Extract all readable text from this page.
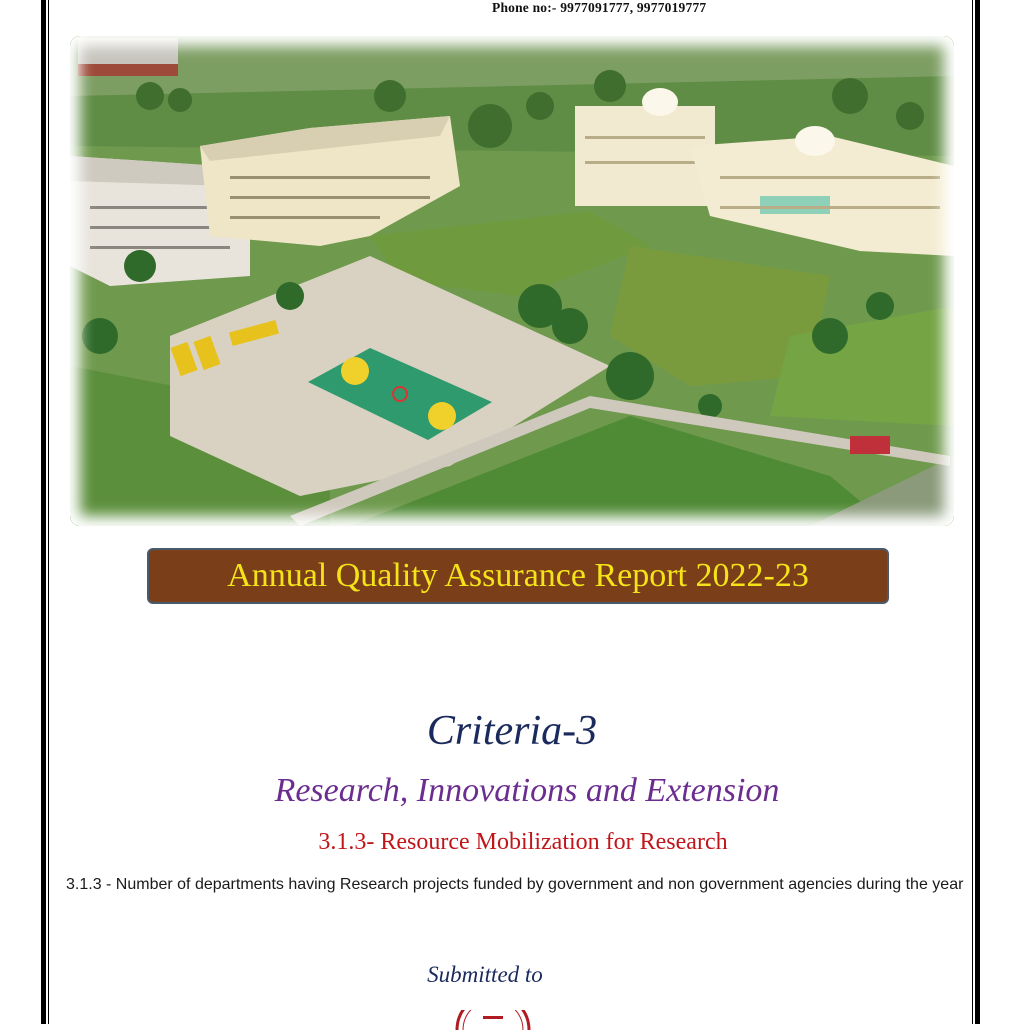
Phone no:- 9977091777, 9977019777
Annual Quality Assurance Report 2022-23
Criteria-3
Research, Innovations and Extension
3.1.3- Resource Mobilization for Research
3.1.3 - Number of departments having Research projects funded by government and non government agencies during the year
Submitted to
